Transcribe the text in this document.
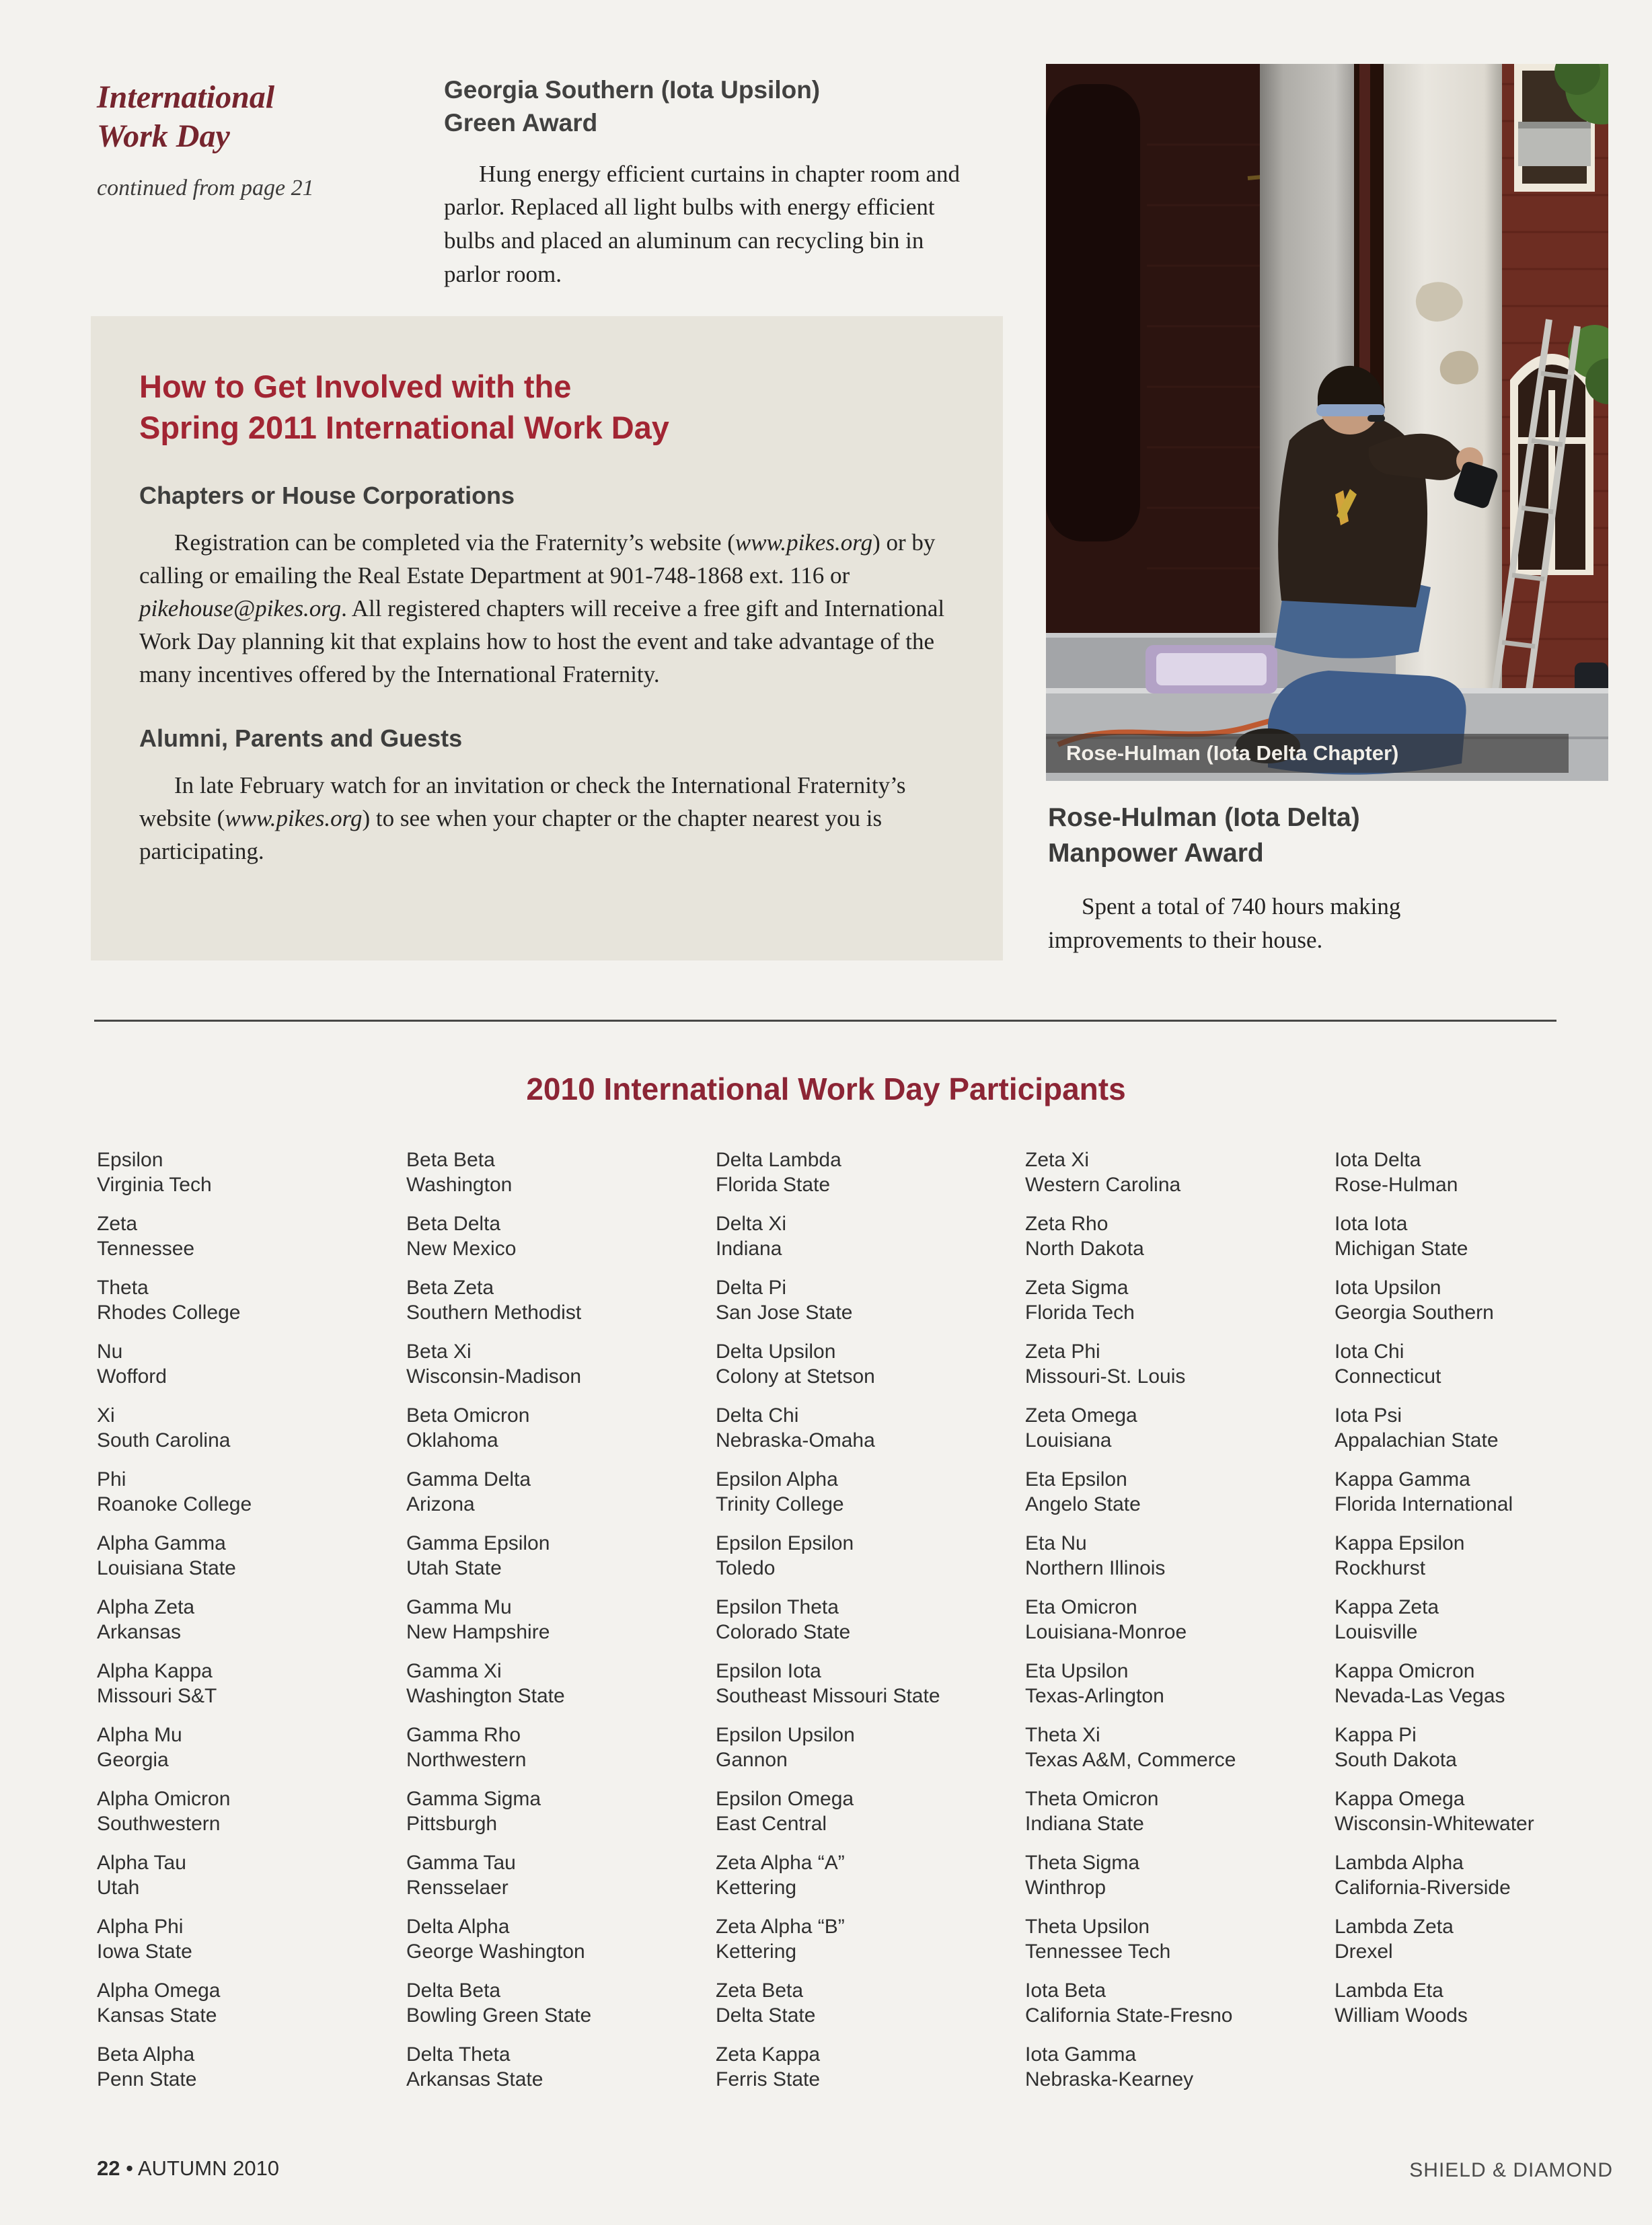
International
Work Day
continued from page 21
Georgia Southern (Iota Upsilon)
Green Award
Hung energy efficient curtains in chapter room and parlor. Replaced all light bulbs with energy efficient bulbs and placed an aluminum can recycling bin in parlor room.
How to Get Involved with the
Spring 2011 International Work Day
Chapters or House Corporations
Registration can be completed via the Fraternity’s website (www.pikes.org) or by calling or emailing the Real Estate Department at 901-748-1868 ext. 116 or pikehouse@pikes.org. All registered chapters will receive a free gift and International Work Day planning kit that explains how to host the event and take advantage of the many incentives offered by the International Fraternity.
Alumni, Parents and Guests
In late February watch for an invitation or check the International Fraternity’s website (www.pikes.org) to see when your chapter or the chapter nearest you is participating.
Rose-Hulman (Iota Delta Chapter)
Rose-Hulman (Iota Delta)
Manpower Award
Spent a total of 740 hours making improvements to their house.
2010 International Work Day Participants
Epsilon
Virginia Tech
Zeta
Tennessee
Theta
Rhodes College
Nu
Wofford
Xi
South Carolina
Phi
Roanoke College
Alpha Gamma
Louisiana State
Alpha Zeta
Arkansas
Alpha Kappa
Missouri S&T
Alpha Mu
Georgia
Alpha Omicron
Southwestern
Alpha Tau
Utah
Alpha Phi
Iowa State
Alpha Omega
Kansas State
Beta Alpha
Penn State
Beta Beta
Washington
Beta Delta
New Mexico
Beta Zeta
Southern Methodist
Beta Xi
Wisconsin-Madison
Beta Omicron
Oklahoma
Gamma Delta
Arizona
Gamma Epsilon
Utah State
Gamma Mu
New Hampshire
Gamma Xi
Washington State
Gamma Rho
Northwestern
Gamma Sigma
Pittsburgh
Gamma Tau
Rensselaer
Delta Alpha
George Washington
Delta Beta
Bowling Green State
Delta Theta
Arkansas State
Delta Lambda
Florida State
Delta Xi
Indiana
Delta Pi
San Jose State
Delta Upsilon
Colony at Stetson
Delta Chi
Nebraska-Omaha
Epsilon Alpha
Trinity College
Epsilon Epsilon
Toledo
Epsilon Theta
Colorado State
Epsilon Iota
Southeast Missouri State
Epsilon Upsilon
Gannon
Epsilon Omega
East Central
Zeta Alpha “A”
Kettering
Zeta Alpha “B”
Kettering
Zeta Beta
Delta State
Zeta Kappa
Ferris State
Zeta Xi
Western Carolina
Zeta Rho
North Dakota
Zeta Sigma
Florida Tech
Zeta Phi
Missouri-St. Louis
Zeta Omega
Louisiana
Eta Epsilon
Angelo State
Eta Nu
Northern Illinois
Eta Omicron
Louisiana-Monroe
Eta Upsilon
Texas-Arlington
Theta Xi
Texas A&M, Commerce
Theta Omicron
Indiana State
Theta Sigma
Winthrop
Theta Upsilon
Tennessee Tech
Iota Beta
California State-Fresno
Iota Gamma
Nebraska-Kearney
Iota Delta
Rose-Hulman
Iota Iota
Michigan State
Iota Upsilon
Georgia Southern
Iota Chi
Connecticut
Iota Psi
Appalachian State
Kappa Gamma
Florida International
Kappa Epsilon
Rockhurst
Kappa Zeta
Louisville
Kappa Omicron
Nevada-Las Vegas
Kappa Pi
South Dakota
Kappa Omega
Wisconsin-Whitewater
Lambda Alpha
California-Riverside
Lambda Zeta
Drexel
Lambda Eta
William Woods
22 • AUTUMN 2010	SHIELD & DIAMOND
